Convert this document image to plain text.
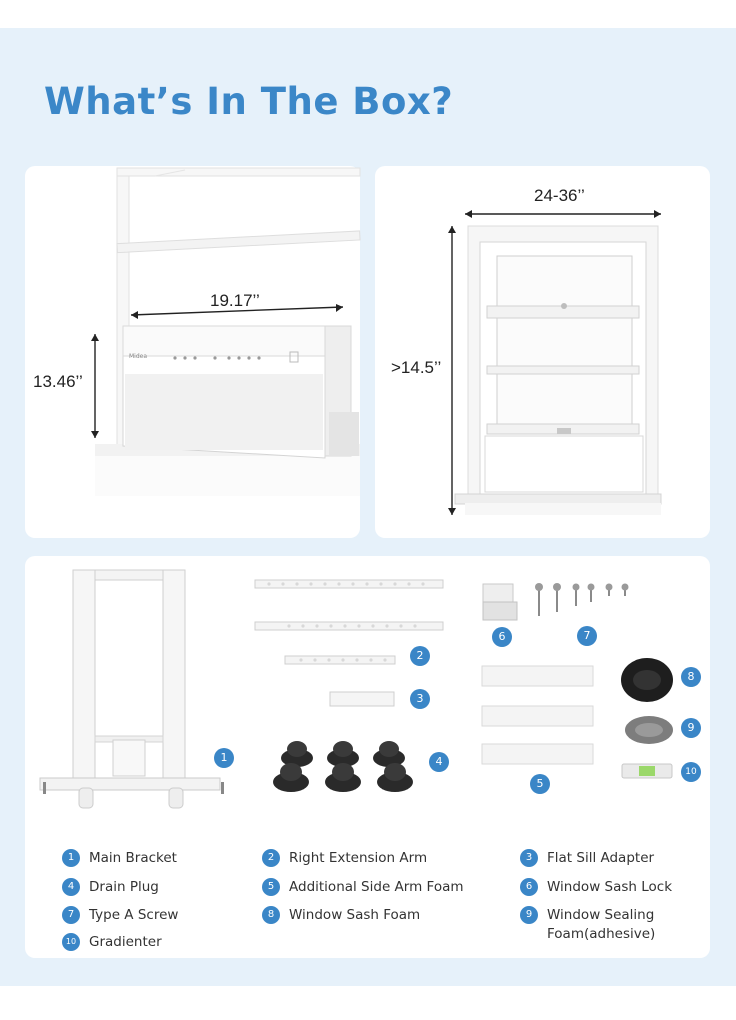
What’s In The Box?
Midea
19.17’’
13.46’’
24-36’’
>14.5’’
1
2
3
4
5
6	7
8
9
10
1	Main Bracket	2	Right Extension Arm	3	Flat Sill Adapter
4	Drain Plug	5	Additional Side Arm Foam	6	Window Sash Lock
7	Type A Screw	8	Window Sash Foam	9	Window Sealing Foam(adhesive)
10 Gradienter
